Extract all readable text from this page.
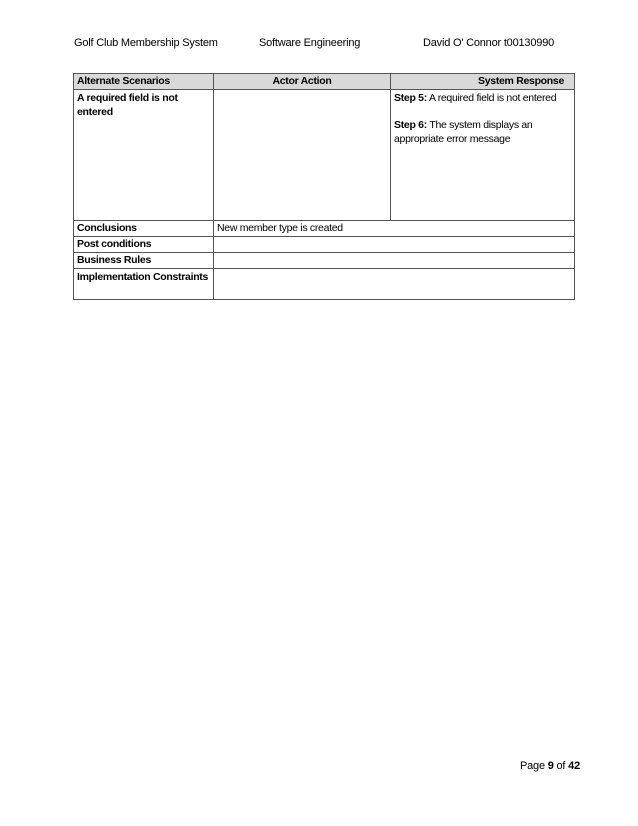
Golf Club Membership System	Software Engineering	David O' Connor t00130990
Alternate Scenarios	Actor Action	System Response
A required field is not entered		Step 5: A required field is not entered

Step 6: The system displays an appropriate error message

Conclusions	New member type is created	
Post conditions		
Business Rules		
Implementation Constraints		
Page 9 of 42
